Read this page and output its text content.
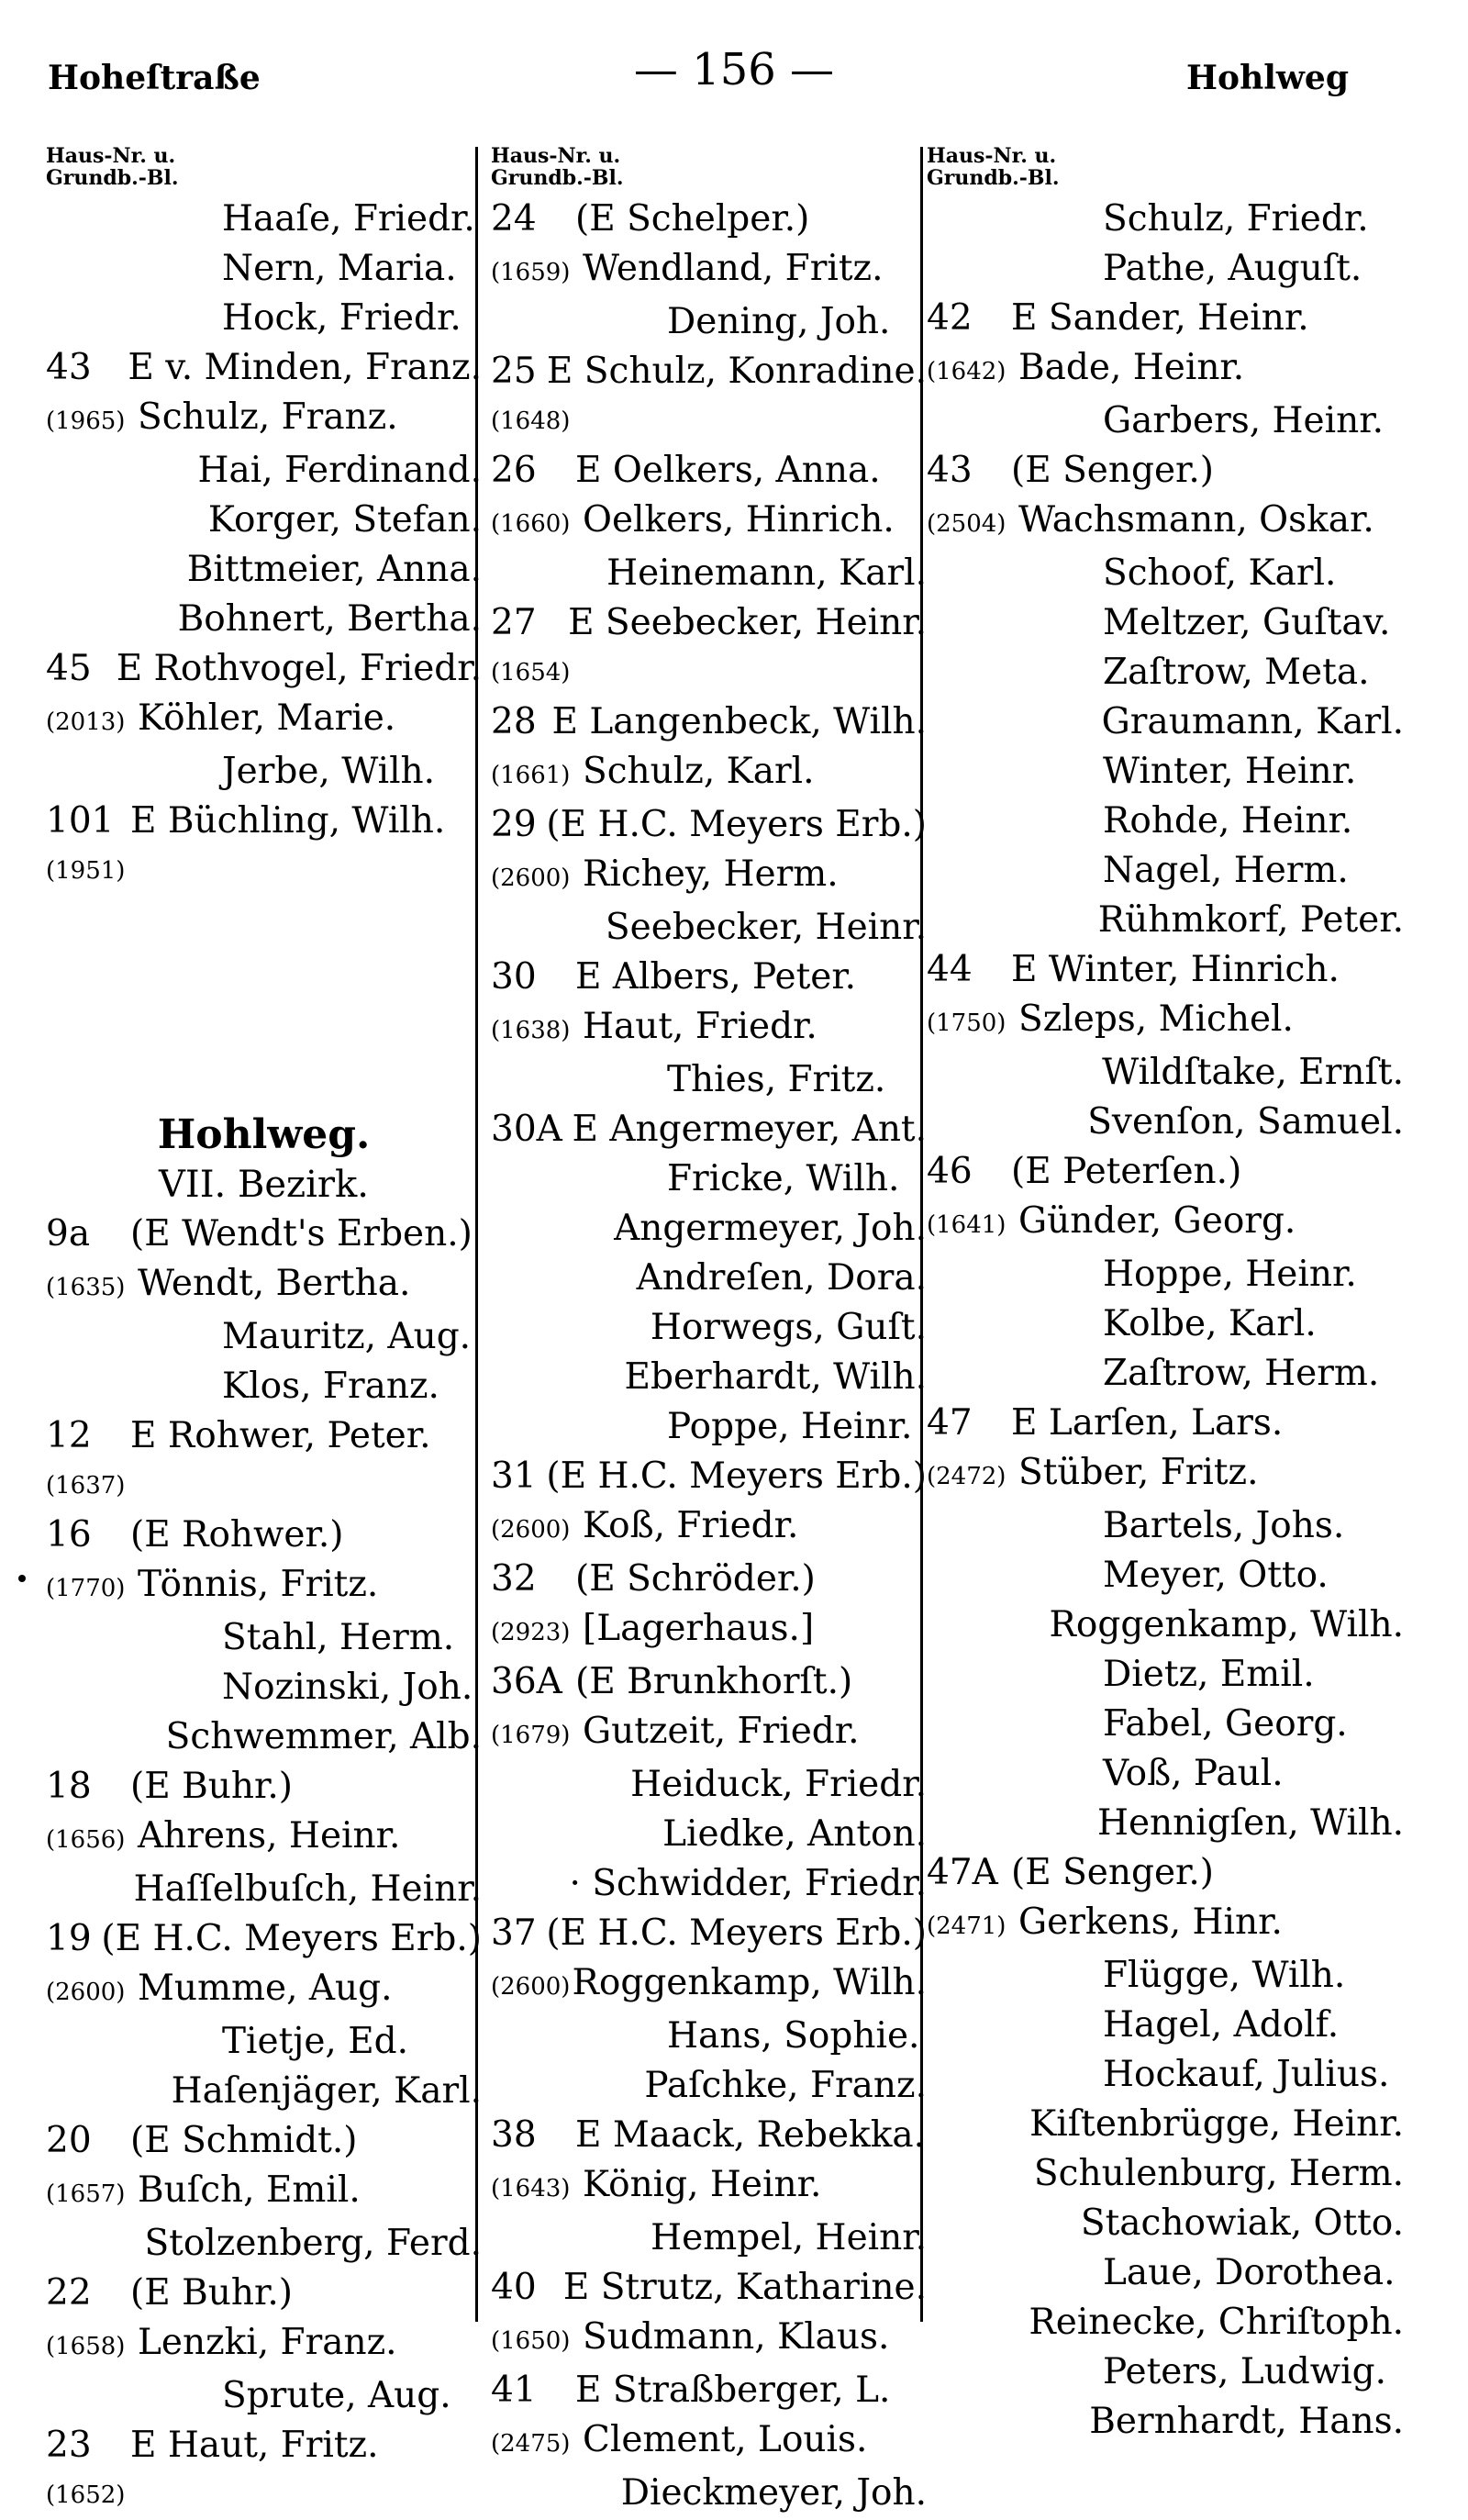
Hoheſtraße	— 156 —	Hohlweg
Haus-Nr. u.
Grundb.-Bl.
Haaſe, Friedr.
Nern, Maria.
Hock, Friedr.
43	E v. Minden, Franz.
(1965) Schulz, Franz.
Hai, Ferdinand.
Korger, Stefan.
Bittmeier, Anna.
Bohnert, Bertha.
45 E Rothvogel, Friedr.
(2013) Köhler, Marie.
Jerbe, Wilh.
101 E Büchling, Wilh.
(1951)
Hohlweg.
VII. Bezirk.
9a	(E Wendt's Erben.)
(1635) Wendt, Bertha.
Mauritz, Aug.
Klos, Franz.
12	E Rohwer, Peter.
(1637)
16	(E Rohwer.)
(1770) Tönnis, Fritz.
Stahl, Herm.
Nozinski, Joh.
Schwemmer, Alb.
18	(E Buhr.)
(1656) Ahrens, Heinr.
Haſſelbuſch, Heinr.
19 (E H.C. Meyers Erb.)
(2600) Mumme, Aug.
Tietje, Ed.
Haſenjäger, Karl.
20	(E Schmidt.)
(1657) Buſch, Emil.
Stolzenberg, Ferd.
22	(E Buhr.)
(1658) Lenzki, Franz.
Sprute, Aug.
23	E Haut, Fritz.
(1652)
Haus-Nr. u.
Grundb.-Bl.
24	(E Schelper.)
(1659) Wendland, Fritz.
Dening, Joh.
25 E Schulz, Konradine.
(1648)
26	E Oelkers, Anna.
(1660) Oelkers, Hinrich.
Heinemann, Karl.
27 E Seebecker, Heinr.
(1654)
28 E Langenbeck, Wilh.
(1661) Schulz, Karl.
29 (E H.C. Meyers Erb.)
(2600) Richey, Herm.
Seebecker, Heinr.
30	E Albers, Peter.
(1638) Haut, Friedr.
Thies, Fritz.
30A E Angermeyer, Ant.
Fricke, Wilh.
Angermeyer, Joh.
Andreſen, Dora.
Horwegs, Guſt.
Eberhardt, Wilh.
Poppe, Heinr.
31 (E H.C. Meyers Erb.)
(2600) Koß, Friedr.
32	(E Schröder.)
(2923) [Lagerhaus.]
36A (E Brunkhorſt.)
(1679) Gutzeit, Friedr.
Heiduck, Friedr.
Liedke, Anton.
· Schwidder, Friedr.
37 (E H.C. Meyers Erb.)
(2600) Roggenkamp, Wilh.
Hans, Sophie.
Paſchke, Franz.
38	E Maack, Rebekka.
(1643) König, Heinr.
Hempel, Heinr.
40 E Strutz, Katharine.
(1650) Sudmann, Klaus.
41	E Straßberger, L.
(2475) Clement, Louis.
Dieckmeyer, Joh.
Haus-Nr. u.
Grundb.-Bl.
Schulz, Friedr.
Pathe, Auguſt.
42	E Sander, Heinr.
(1642) Bade, Heinr.
Garbers, Heinr.
43	(E Senger.)
(2504) Wachsmann, Oskar.
Schoof, Karl.
Meltzer, Guſtav.
Zaſtrow, Meta.
Graumann, Karl.
Winter, Heinr.
Rohde, Heinr.
Nagel, Herm.
Rühmkorf, Peter.
44	E Winter, Hinrich.
(1750) Szleps, Michel.
Wildſtake, Ernſt.
Svenſon, Samuel.
46	(E Peterſen.)
(1641) Günder, Georg.
Hoppe, Heinr.
Kolbe, Karl.
Zaſtrow, Herm.
47	E Larſen, Lars.
(2472) Stüber, Fritz.
Bartels, Johs.
Meyer, Otto.
Roggenkamp, Wilh.
Dietz, Emil.
Fabel, Georg.
Voß, Paul.
Hennigſen, Wilh.
47A (E Senger.)
(2471) Gerkens, Hinr.
Flügge, Wilh.
Hagel, Adolf.
Hockauf, Julius.
Kiſtenbrügge, Heinr.
Schulenburg, Herm.
Stachowiak, Otto.
Laue, Dorothea.
Reinecke, Chriſtoph.
Peters, Ludwig.
Bernhardt, Hans.
